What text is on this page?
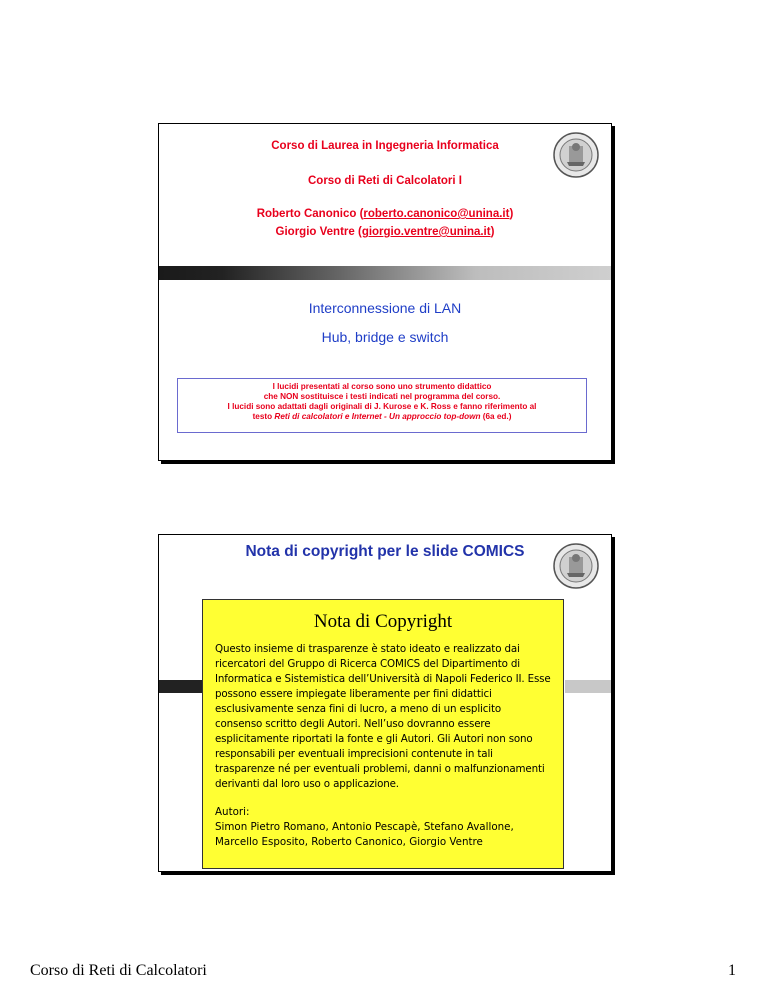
Corso di Laurea in Ingegneria Informatica
Corso di Reti di Calcolatori I
Roberto Canonico (roberto.canonico@unina.it)
Giorgio Ventre (giorgio.ventre@unina.it)
Interconnessione di LAN
Hub, bridge e switch
I lucidi presentati al corso sono uno strumento didattico
che NON sostituisce i testi indicati nel programma del corso.
I lucidi sono adattati dagli originali di J. Kurose e K. Ross e fanno riferimento al
testo Reti di calcolatori e Internet - Un approccio top-down (6a ed.)
Nota di copyright per le slide COMICS
Nota di Copyright
Questo insieme di trasparenze è stato ideato e realizzato dai ricercatori del Gruppo di Ricerca COMICS del Dipartimento di Informatica e Sistemistica dell’Università di Napoli Federico II. Esse possono essere impiegate liberamente per fini didattici esclusivamente senza fini di lucro, a meno di un esplicito consenso scritto degli Autori. Nell’uso dovranno essere esplicitamente riportati la fonte e gli Autori. Gli Autori non sono responsabili per eventuali imprecisioni contenute in tali trasparenze né per eventuali problemi, danni o malfunzionamenti derivanti dal loro uso o applicazione.
Autori:
Simon Pietro Romano, Antonio Pescapè, Stefano Avallone,
Marcello Esposito, Roberto Canonico, Giorgio Ventre
Corso di Reti di Calcolatori	1
